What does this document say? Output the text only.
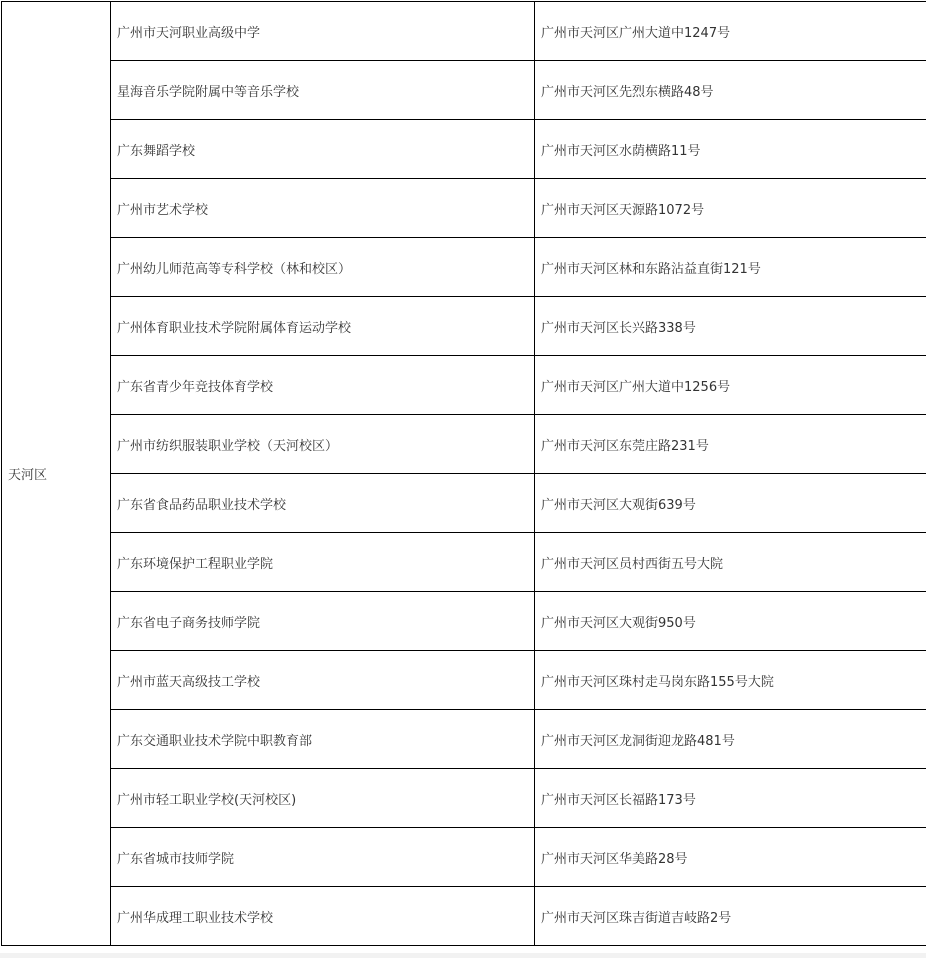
天河区	广州市天河职业高级中学	广州市天河区广州大道中1247号
	星海音乐学院附属中等音乐学校	广州市天河区先烈东横路48号
	广东舞蹈学校	广州市天河区水荫横路11号
	广州市艺术学校	广州市天河区天源路1072号
	广州幼儿师范高等专科学校（林和校区）	广州市天河区林和东路沾益直街121号
	广州体育职业技术学院附属体育运动学校	广州市天河区长兴路338号
	广东省青少年竞技体育学校	广州市天河区广州大道中1256号
	广州市纺织服装职业学校（天河校区）	广州市天河区东莞庄路231号
	广东省食品药品职业技术学校	广州市天河区大观街639号
	广东环境保护工程职业学院	广州市天河区员村西街五号大院
	广东省电子商务技师学院	广州市天河区大观街950号
	广州市蓝天高级技工学校	广州市天河区珠村走马岗东路155号大院
	广东交通职业技术学院中职教育部	广州市天河区龙洞街迎龙路481号
	广州市轻工职业学校(天河校区)	广州市天河区长福路173号
	广东省城市技师学院	广州市天河区华美路28号
	广州华成理工职业技术学校	广州市天河区珠吉街道吉岐路2号
